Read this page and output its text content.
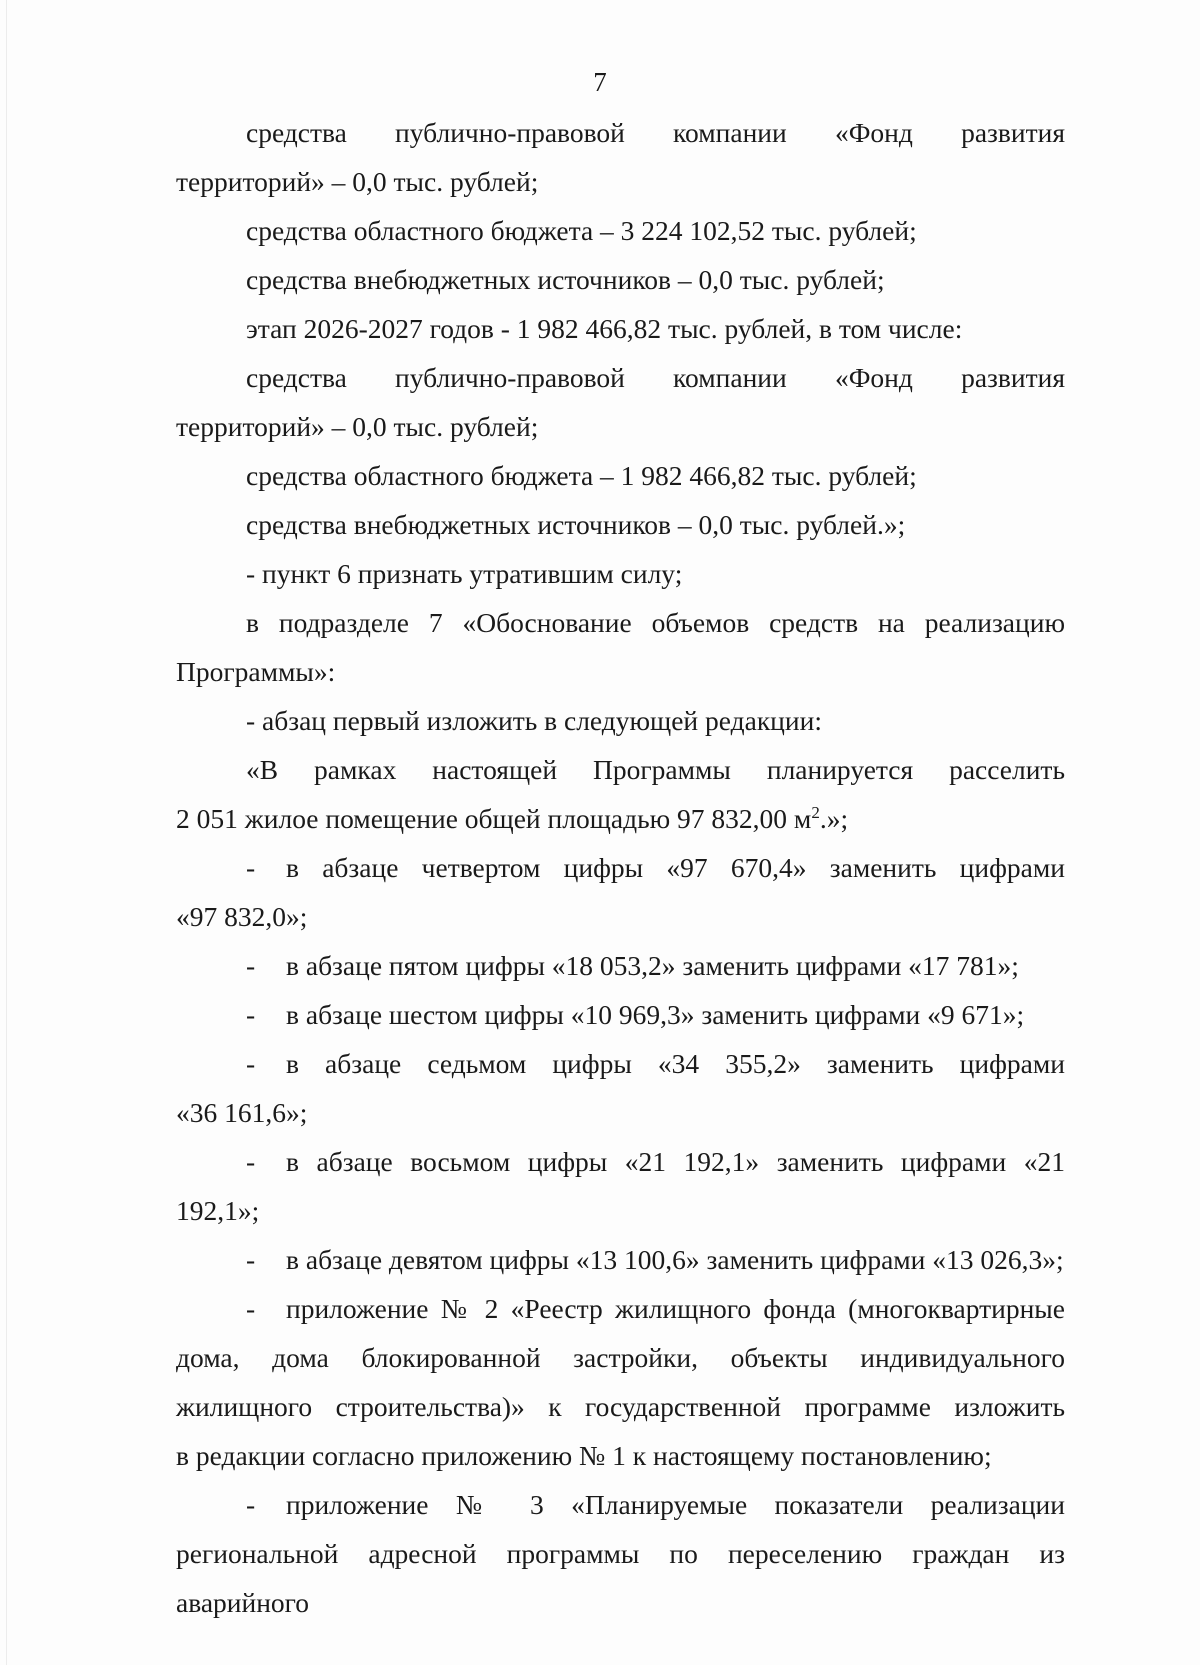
7

средства публично-правовой компании «Фонд развития

территорий» – 0,0 тыс. рублей;

средства областного бюджета – 3 224 102,52 тыс. рублей;

средства внебюджетных источников – 0,0 тыс. рублей;

этап 2026-2027 годов - 1 982 466,82 тыс. рублей, в том числе:

средства публично-правовой компании «Фонд развития

территорий» – 0,0 тыс. рублей;

средства областного бюджета – 1 982 466,82 тыс. рублей;

средства внебюджетных источников – 0,0 тыс. рублей.»;

- пункт 6 признать утратившим силу;

в подразделе 7 «Обоснование объемов средств на реализацию

Программы»:

- абзац первый изложить в следующей редакции:

«В рамках настоящей Программы планируется расселить

2 051 жилое помещение общей площадью 97 832,00 $м^2$.»;

- в абзаце четвертом цифры «97 670,4» заменить цифрами

«97 832,0»;

- в абзаце пятом цифры «18 053,2» заменить цифрами «17 781»;

- в абзаце шестом цифры «10 969,3» заменить цифрами «9 671»;

- в абзаце седьмом цифры «34 355,2» заменить цифрами

«36 161,6»;

- в абзаце восьмом цифры «21 192,1» заменить цифрами «21

192,1»;

- в абзаце девятом цифры «13 100,6» заменить цифрами «13 026,3»;

- приложение № 2 «Реестр жилищного фонда (многоквартирные

дома, дома блокированной застройки, объекты индивидуального

жилищного строительства)» к государственной программе изложить

в редакции согласно приложению № 1 к настоящему постановлению;

- приложение № 3 «Планируемые показатели реализации

региональной адресной программы по переселению граждан из аварийного
